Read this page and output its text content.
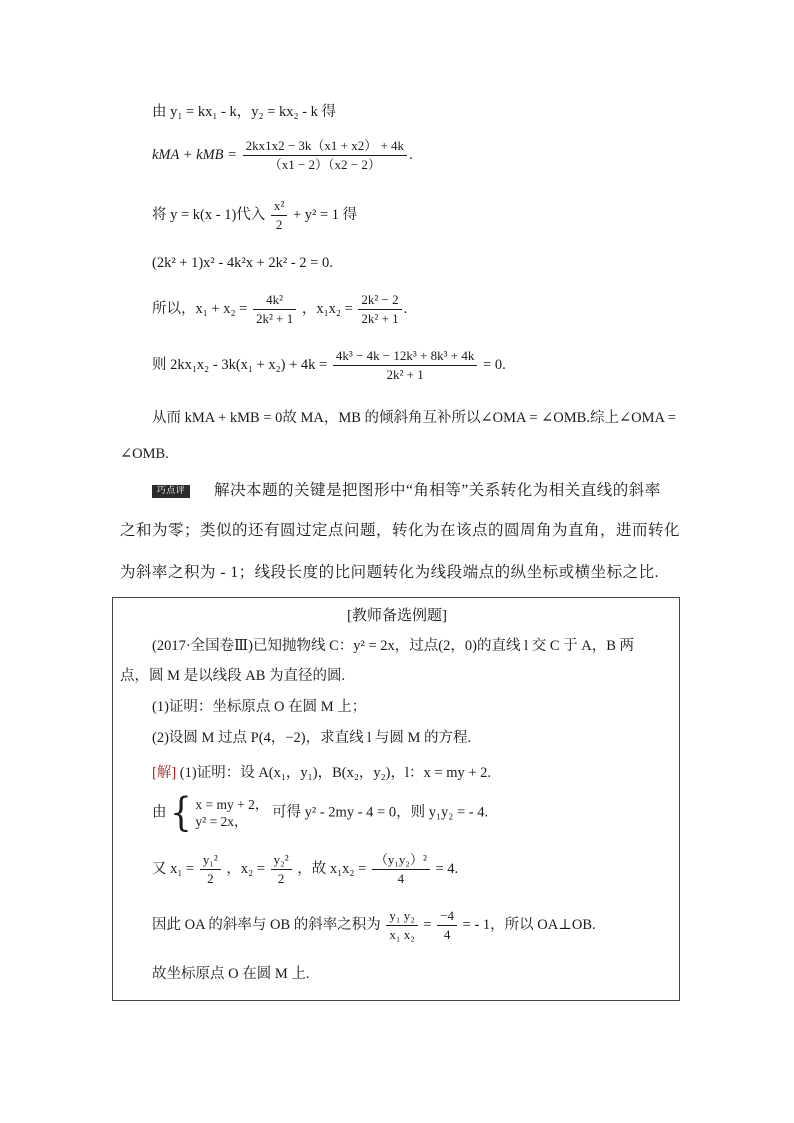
由 y₁ = kx₁ - k，y₂ = kx₂ - k 得
kMA + kMB = $\frac{2kx1x2 - 3k(x1 + x2) + 4k}{(x1 - 2)(x2 - 2)}$ .
将 y = k(x - 1)代入 $\frac{\text{x²}}{2} + y^2 = 1$ 得
(2k² + 1)x² - 4k²x + 2k² - 2 = 0.
所以，$x_1 + x_2 = \frac{\text{4k²}}{\text{2k² + 1}}$ ，$x_1x_2 = \frac{\text{2k² − 2}}{\text{2k² + 1}}$ .
则 $2kx_1x_2 - 3k(x_1 + x_2) + 4k = \frac{\text{4k³ − 4k − 12k³ + 8k³ + 4k}}{\text{2k² + 1}} = 0$.
从而 kMA + kMB = 0故 MA，MB 的倾斜角互补所以∠OMA = ∠OMB.综上∠OMA =
∠OMB.
巧点评 解决本题的关键是把图形中“角相等”关系转化为相关直线的斜率
之和为零；类似的还有圆过定点问题，转化为在该点的圆周角为直角，进而转化
为斜率之积为 - 1；线段长度的比问题转化为线段端点的纵坐标或横坐标之比.
[教师备选例题]
(2017·全国卷Ⅲ)已知抛物线 C：y² = 2x，过点(2，0)的直线 l 交 C 于 A，B 两
点，圆 M 是以线段 AB 为直径的圆.
(1)证明：坐标原点 O 在圆 M 上；
(2)设圆 M 过点 P(4，−2)，求直线 l 与圆 M 的方程.
[解] (1)证明：设 A(x₁，y₁)，B(x₂，y₂)，l：x = my + 2.
由 { x = my + 2，
y² = 2x，
可得 y² - 2my - 4 = 0，则 y₁y₂ = - 4.
又 $x_1 = \frac{\text{y₁²}}{2}$ ，$x_2 = \frac{\text{y₂²}}{2}$ ，故 $x_1x_2 = \frac{\text{（y₁y₂）²}}{4} = 4$.
因此 OA 的斜率与 OB 的斜率之积为 $\frac{\text{y₁ y₂}}{\text{x₁ x₂}} = \frac{-4}{4}$ = - 1，所以 OA⊥OB.
故坐标原点 O 在圆 M 上.
